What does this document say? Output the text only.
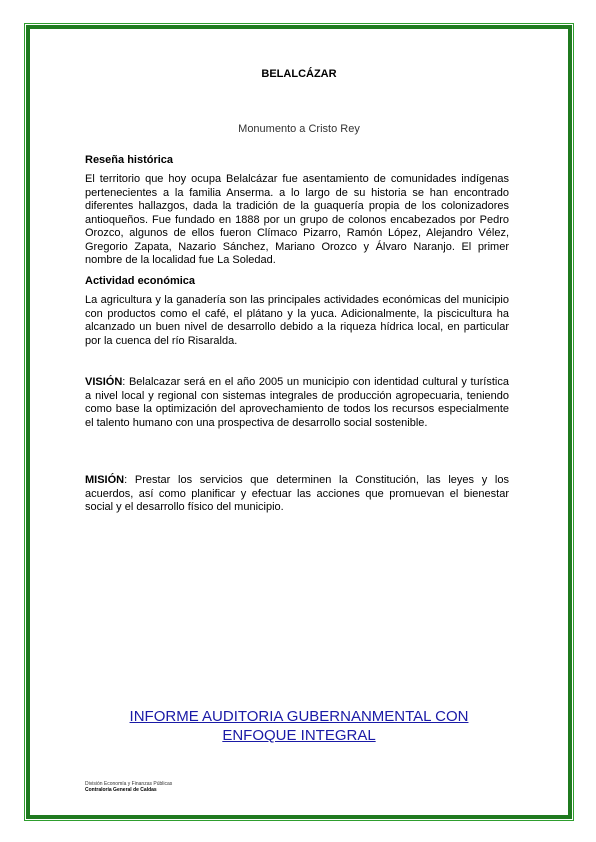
BELALCÁZAR
Monumento a Cristo Rey
Reseña histórica

El territorio que hoy ocupa Belalcázar fue asentamiento de comunidades indígenas pertenecientes a la familia Anserma. a lo largo de su historia se han encontrado diferentes hallazgos, dada la tradición de la guaquería propia de los colonizadores antioqueños. Fue fundado en 1888 por un grupo de colonos encabezados por Pedro Orozco, algunos de ellos fueron Clímaco Pizarro, Ramón López, Alejandro Vélez, Gregorio Zapata, Nazario Sánchez, Mariano Orozco y Álvaro Naranjo. El primer nombre de la localidad fue La Soledad.

Actividad económica

La agricultura y la ganadería son las principales actividades económicas del municipio con productos como el café, el plátano y la yuca. Adicionalmente, la piscicultura ha alcanzado un buen nivel de desarrollo debido a la riqueza hídrica local, en particular por la cuenca del río Risaralda.

VISIÓN: Belalcazar será en el año 2005 un municipio con identidad cultural y turística a nivel local y regional con sistemas integrales de producción agropecuaria, teniendo como base la optimización del aprovechamiento de todos los recursos especialmente el talento humano con una prospectiva de desarrollo social sostenible.

MISIÓN: Prestar los servicios que determinen la Constitución, las leyes y los acuerdos, así como planificar y efectuar las acciones que promuevan el bienestar social y el desarrollo físico del municipio.

INFORME AUDITORIA GUBERNANMENTAL CON
ENFOQUE INTEGRAL
División Economía y Finanzas Públicas
Contraloría General de Caldas
